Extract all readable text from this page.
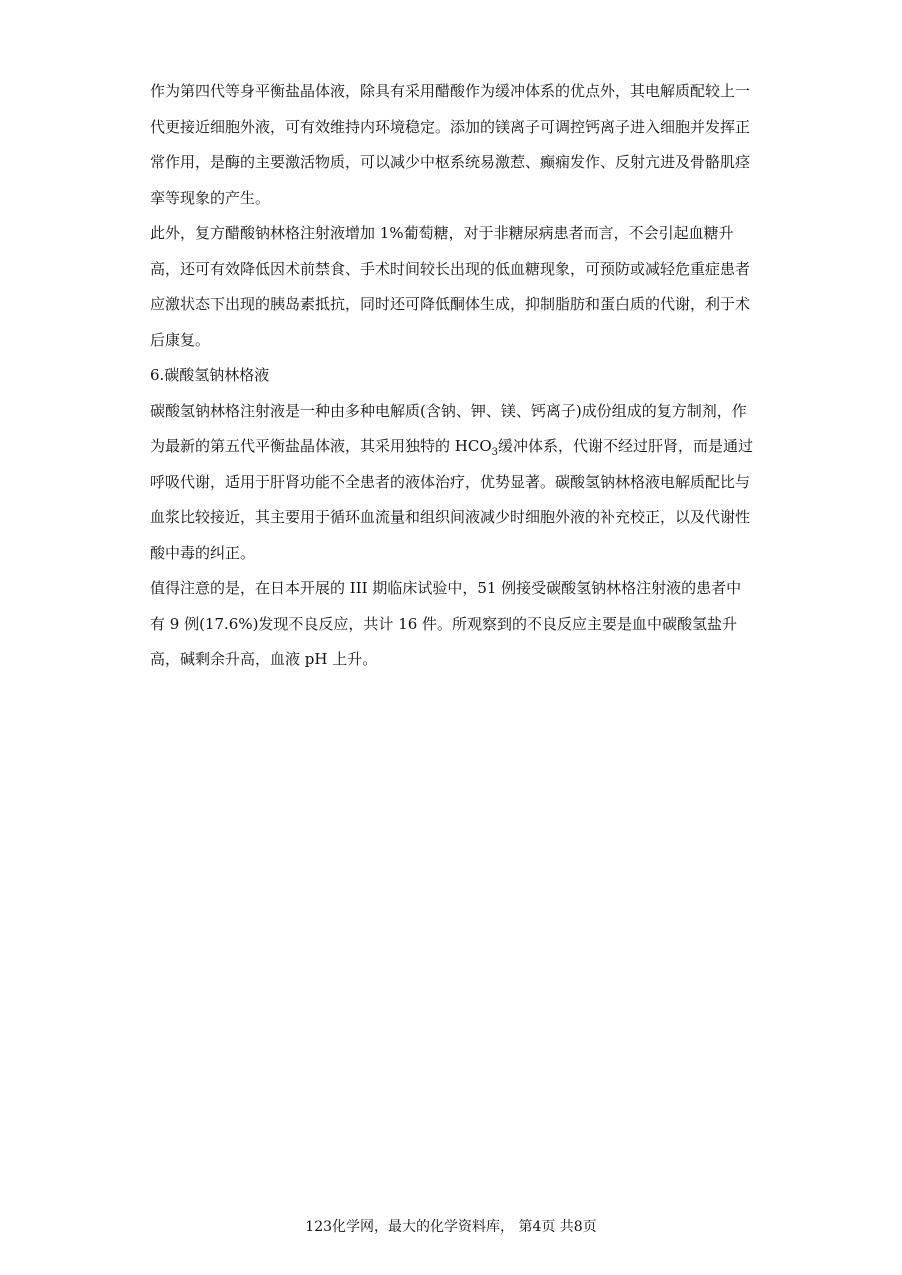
作为第四代等身平衡盐晶体液，除具有采用醋酸作为缓冲体系的优点外，其电解质配较上一代更接近细胞外液，可有效维持内环境稳定。添加的镁离子可调控钙离子进入细胞并发挥正常作用，是酶的主要激活物质，可以减少中枢系统易激惹、癫痫发作、反射亢进及骨骼肌痉挛等现象的产生。

此外，复方醋酸钠林格注射液增加 1%葡萄糖，对于非糖尿病患者而言，不会引起血糖升高，还可有效降低因术前禁食、手术时间较长出现的低血糖现象，可预防或减轻危重症患者应激状态下出现的胰岛素抵抗，同时还可降低酮体生成，抑制脂肪和蛋白质的代谢，利于术后康复。

6.碳酸氢钠林格液

碳酸氢钠林格注射液是一种由多种电解质(含钠、钾、镁、钙离子)成份组成的复方制剂，作为最新的第五代平衡盐晶体液，其采用独特的 $HCO_3$缓冲体系，代谢不经过肝肾，而是通过呼吸代谢，适用于肝肾功能不全患者的液体治疗，优势显著。碳酸氢钠林格液电解质配比与血浆比较接近，其主要用于循环血流量和组织间液减少时细胞外液的补充校正，以及代谢性酸中毒的纠正。

值得注意的是，在日本开展的 III 期临床试验中，51 例接受碳酸氢钠林格注射液的患者中有 9 例(17.6%)发现不良反应，共计 16 件。所观察到的不良反应主要是血中碳酸氢盐升高，碱剩余升高，血液 pH 上升。

123化学网，最大的化学资料库， 第4页 共8页
